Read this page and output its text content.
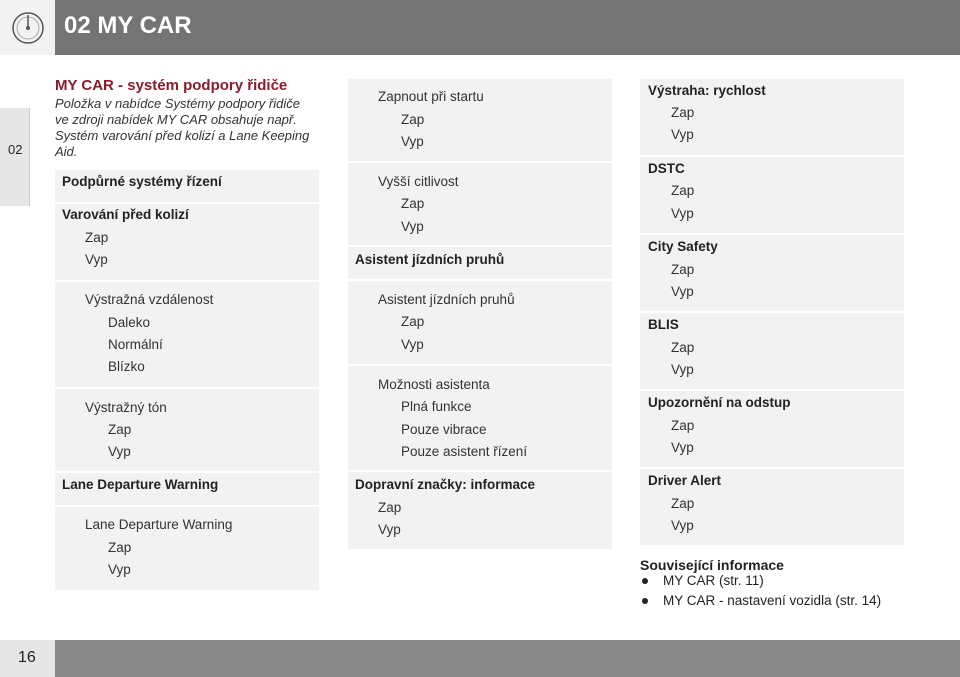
02 MY CAR
02
MY CAR - systém podpory řidiče
Položka v nabídce Systémy podpory řidiče ve zdroji nabídek MY CAR obsahuje např. Systém varování před kolizí a Lane Keeping Aid.
Podpůrné systémy řízení
Varování před kolizí
Zap
Vyp
Výstražná vzdálenost
Daleko
Normální
Blízko
Výstražný tón
Zap
Vyp
Lane Departure Warning
Lane Departure Warning
Zap
Vyp
Zapnout při startu
Zap
Vyp
Vyšší citlivost
Zap
Vyp
Asistent jízdních pruhů
Asistent jízdních pruhů
Zap
Vyp
Možnosti asistenta
Plná funkce
Pouze vibrace
Pouze asistent řízení
Dopravní značky: informace
Zap
Vyp
Výstraha: rychlost
Zap
Vyp
DSTC
Zap
Vyp
City Safety
Zap
Vyp
BLIS
Zap
Vyp
Upozornění na odstup
Zap
Vyp
Driver Alert
Zap
Vyp
Související informace
MY CAR (str. 11)
MY CAR - nastavení vozidla (str. 14)
16
